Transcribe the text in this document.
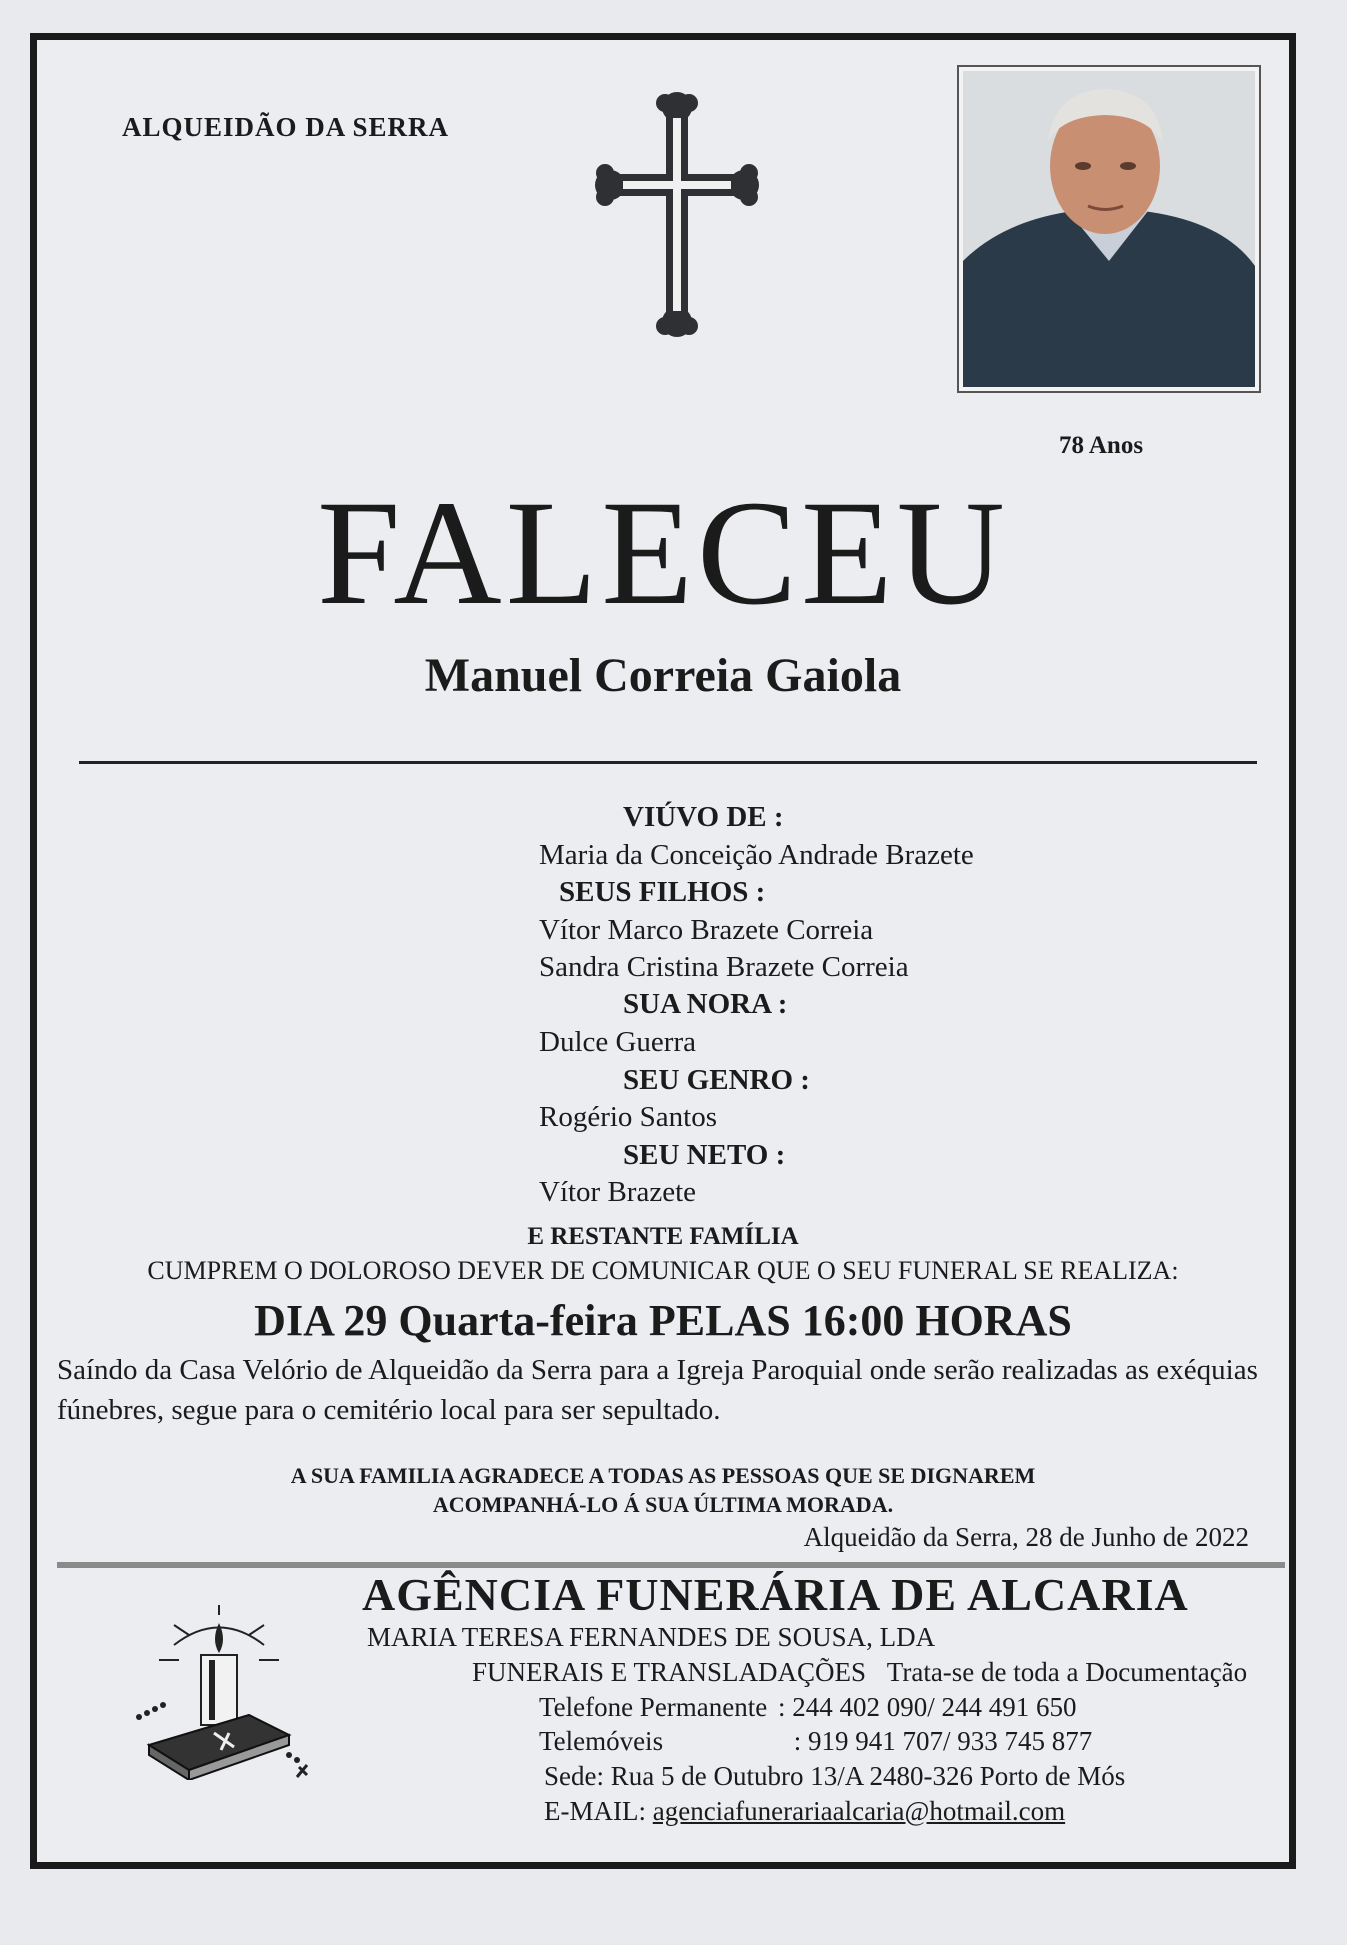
ALQUEIDÃO DA SERRA
78 Anos
FALECEU
Manuel Correia Gaiola
VIÚVO DE :
Maria da Conceição Andrade Brazete
SEUS FILHOS :
Vítor Marco Brazete Correia
Sandra Cristina Brazete Correia
SUA NORA :
Dulce Guerra
SEU GENRO :
Rogério Santos
SEU NETO :
Vítor Brazete
E RESTANTE FAMÍLIA
CUMPREM O DOLOROSO DEVER DE COMUNICAR QUE O SEU FUNERAL SE REALIZA:
DIA 29 Quarta-feira PELAS 16:00 HORAS
Saíndo da Casa Velório de Alqueidão da Serra para a Igreja Paroquial onde serão realizadas as exéquias fúnebres, segue para o cemitério local para ser sepultado.
A SUA FAMILIA AGRADECE A TODAS AS PESSOAS QUE SE DIGNAREM
ACOMPANHÁ-LO Á SUA ÚLTIMA MORADA.
Alqueidão da Serra, 28 de Junho de 2022
AGÊNCIA FUNERÁRIA DE ALCARIA
MARIA TERESA FERNANDES DE SOUSA, LDA
FUNERAIS E TRANSLADAÇÕES Trata-se de toda a Documentação
Telefone Permanente : 244 402 090/ 244 491 650
Telemóveis	: 919 941 707/ 933 745 877
Sede: Rua 5 de Outubro 13/A 2480-326 Porto de Mós
E-MAIL: agenciafunerariaalcaria@hotmail.com
